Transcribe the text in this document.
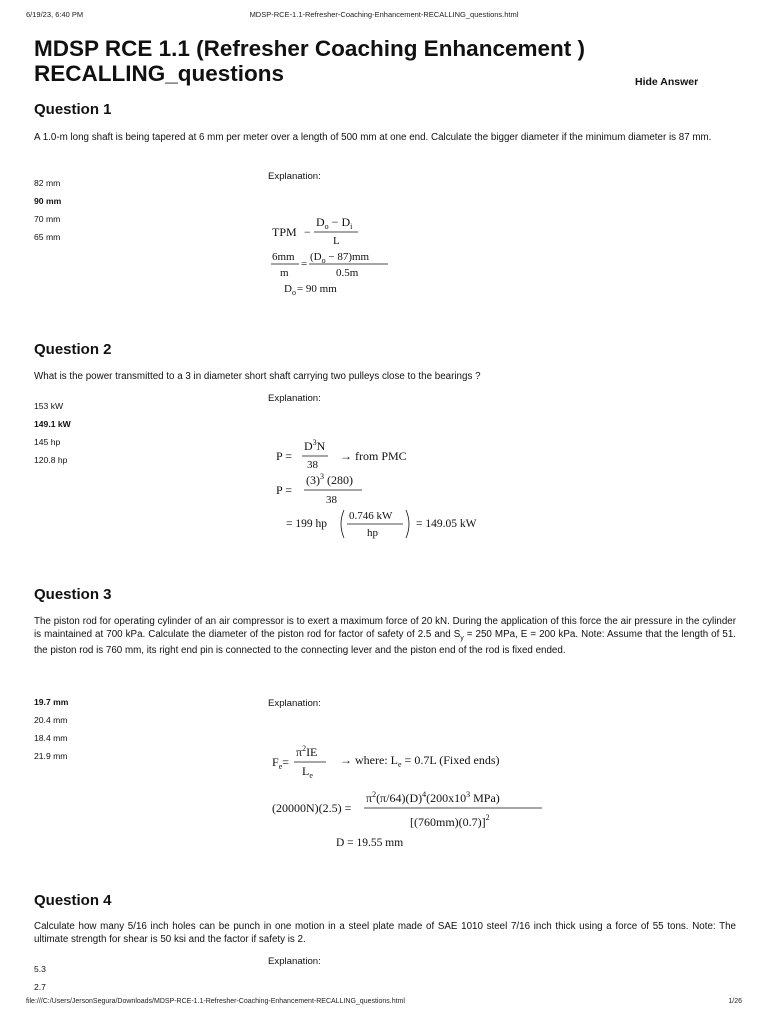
6/19/23, 6:40 PM	MDSP-RCE-1.1-Refresher-Coaching-Enhancement-RECALLING_questions.html
MDSP RCE 1.1 (Refresher Coaching Enhancement ) RECALLING_questions	Hide Answer
Question 1

A 1.0-m long shaft is being tapered at 6 mm per meter over a length of 500 mm at one end. Calculate the bigger diameter if the minimum diameter is 87 mm.

82 mm
90 mm
70 mm
65 mm
Explanation:
TPM −
$D_o - D_i$
L
6mm
m
=
$(D_o - 87)mm$
0.5m
$D_o= 90$ mm
Question 2

What is the power transmitted to a 3 in diameter short shaft carrying two pulleys close to the bearings ?

153 kW
149.1 kW
145 hp
120.8 hp
Explanation:
P =
$D^3N$
38
→ from PMC
P =
$(3)^3$ (280)
38
= 199 hp
0.746 kW
hp
= 149.05 kW
Question 3

The piston rod for operating cylinder of an air compressor is to exert a maximum force of 20 kN. During the application of this force the air pressure in the cylinder is maintained at 700 kPa. Calculate the diameter of the piston rod for factor of safety of 2.5 and $S_y = 250$ MPa, E = 200 kPa. Note: Assume that the length of 51. the piston rod is 760 mm, its right end pin is connected to the connecting lever and the piston end of the rod is fixed ended.

19.7 mm
20.4 mm
18.4 mm
21.9 mm
Explanation:
$F_e=$
$\pi^2IE$
$L_e$
→ where: $L_e = 0.7L$ (Fixed ends)
(20000N)(2.5) =
$\pi^2(\pi/64)(D)^4(200x10^3$ MPa)
$[(760mm)(0.7)]^2$
D = 19.55 mm
Question 4

Calculate how many 5/16 inch holes can be punch in one motion in a steel plate made of SAE 1010 steel 7/16 inch thick using a force of 55 tons. Note: The ultimate strength for shear is 50 ksi and the factor if safety is 2.

5.3
2.7
Explanation:
file:///C:/Users/JersonSegura/Downloads/MDSP-RCE-1.1-Refresher-Coaching-Enhancement-RECALLING_questions.html	1/26
